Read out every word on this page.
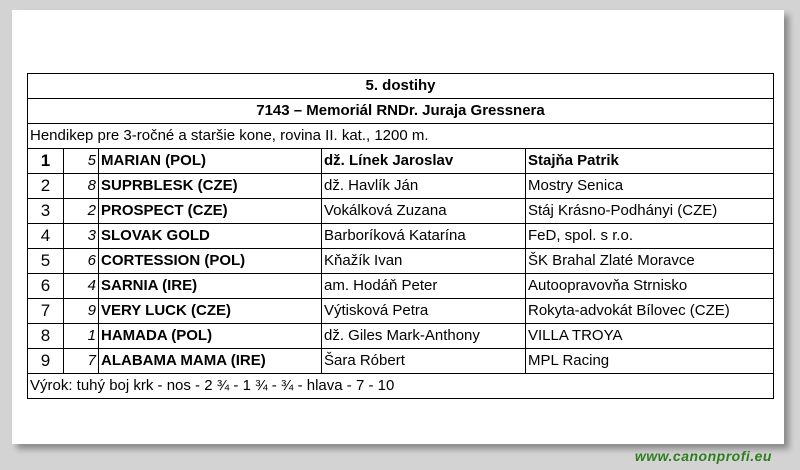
5. dostihy				
7143 – Memoriál RNDr. Juraja Gressnera				
Hendikep pre 3-ročné a staršie kone, rovina II. kat., 1200 m.				
1	5	MARIAN (POL)	dž. Línek Jaroslav	Stajňa Patrik
2	8	SUPRBLESK (CZE)	dž. Havlík Ján	Mostry Senica
3	2	PROSPECT (CZE)	Vokálková Zuzana	Stáj Krásno-Podhányi (CZE)
4	3	SLOVAK GOLD	Barboríková Katarína	FeD, spol. s r.o.
5	6	CORTESSION (POL)	Kňažík Ivan	ŠK Brahal Zlaté Moravce
6	4	SARNIA (IRE)	am. Hodáň Peter	Autoopravovňa Strnisko
7	9	VERY LUCK (CZE)	Výtisková Petra	Rokyta-advokát Bílovec (CZE)
8	1	HAMADA (POL)	dž. Giles Mark-Anthony	VILLA TROYA
9	7	ALABAMA MAMA (IRE)	Šara Róbert	MPL Racing
Výrok: tuhý boj krk - nos - 2 ¾ - 1 ¾ - ¾ - hlava - 7 - 10				
www.canonprofi.eu
